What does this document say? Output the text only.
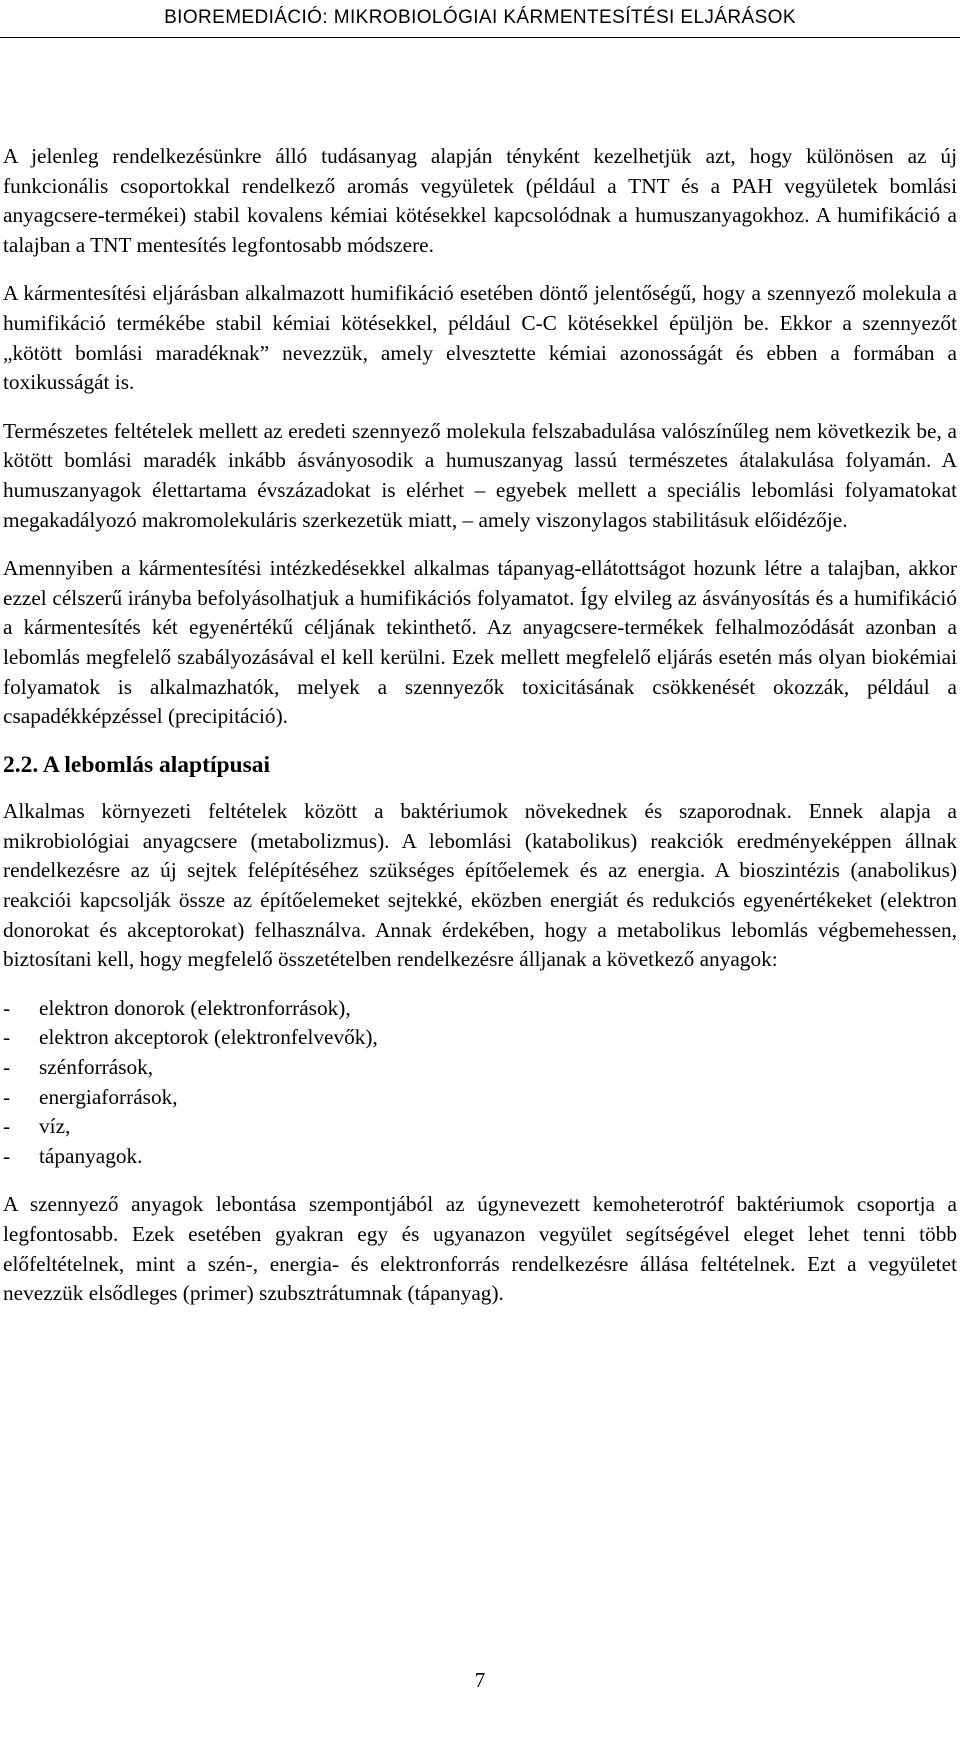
BIOREMEDIÁCIÓ: MIKROBIOLÓGIAI KÁRMENTESÍTÉSI ELJÁRÁSOK

A jelenleg rendelkezésünkre álló tudásanyag alapján tényként kezelhetjük azt, hogy különösen az új funkcionális csoportokkal rendelkező aromás vegyületek (például a TNT és a PAH vegyületek bomlási anyagcsere-termékei) stabil kovalens kémiai kötésekkel kapcsolódnak a humuszanyagokhoz. A humifikáció a talajban a TNT mentesítés legfontosabb módszere.

A kármentesítési eljárásban alkalmazott humifikáció esetében döntő jelentőségű, hogy a szennyező molekula a humifikáció termékébe stabil kémiai kötésekkel, például C-C kötésekkel épüljön be. Ekkor a szennyezőt „kötött bomlási maradéknak” nevezzük, amely elvesztette kémiai azonosságát és ebben a formában a toxikusságát is.

Természetes feltételek mellett az eredeti szennyező molekula felszabadulása valószínűleg nem következik be, a kötött bomlási maradék inkább ásványosodik a humuszanyag lassú természetes átalakulása folyamán. A humuszanyagok élettartama évszázadokat is elérhet – egyebek mellett a speciális lebomlási folyamatokat megakadályozó makromolekuláris szerkezetük miatt, – amely viszonylagos stabilitásuk előidézője.

Amennyiben a kármentesítési intézkedésekkel alkalmas tápanyag-ellátottságot hozunk létre a talajban, akkor ezzel célszerű irányba befolyásolhatjuk a humifikációs folyamatot. Így elvileg az ásványosítás és a humifikáció a kármentesítés két egyenértékű céljának tekinthető. Az anyagcsere-termékek felhalmozódását azonban a lebomlás megfelelő szabályozásával el kell kerülni. Ezek mellett megfelelő eljárás esetén más olyan biokémiai folyamatok is alkalmazhatók, melyek a szennyezők toxicitásának csökkenését okozzák, például a csapadékképzéssel (precipitáció).

2.2. A lebomlás alaptípusai

Alkalmas környezeti feltételek között a baktériumok növekednek és szaporodnak. Ennek alapja a mikrobiológiai anyagcsere (metabolizmus). A lebomlási (katabolikus) reakciók eredményeképpen állnak rendelkezésre az új sejtek felépítéséhez szükséges építőelemek és az energia. A bioszintézis (anabolikus) reakciói kapcsolják össze az építőelemeket sejtekké, eközben energiát és redukciós egyenértékeket (elektron donorokat és akceptorokat) felhasználva. Annak érdekében, hogy a metabolikus lebomlás végbemehessen, biztosítani kell, hogy megfelelő összetételben rendelkezésre álljanak a következő anyagok:

-	elektron donorok (elektronforrások),
-	elektron akceptorok (elektronfelvevők),
-	szénforrások,
-	energiaforrások,
-	víz,
-	tápanyagok.

A szennyező anyagok lebontása szempontjából az úgynevezett kemoheterotróf baktériumok csoportja a legfontosabb. Ezek esetében gyakran egy és ugyanazon vegyület segítségével eleget lehet tenni több előfeltételnek, mint a szén-, energia- és elektronforrás rendelkezésre állása feltételnek. Ezt a vegyületet nevezzük elsődleges (primer) szubsztrátumnak (tápanyag).

7
